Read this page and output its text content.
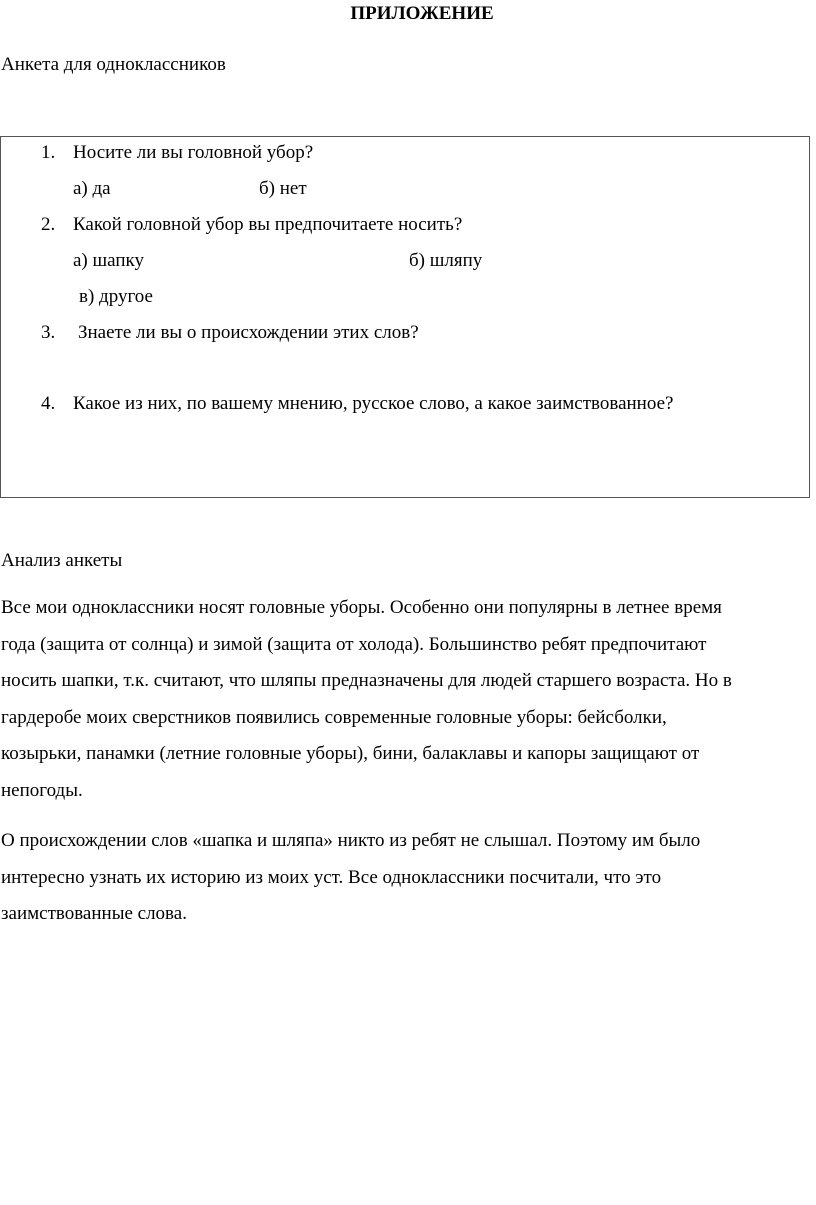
ПРИЛОЖЕНИЕ
Анкета для одноклассников
1. Носите ли вы головной убор?
а) да	б) нет
2. Какой головной убор вы предпочитаете носить?
а) шапку	б) шляпу
в) другое
3. Знаете ли вы о происхождении этих слов?
4. Какое из них, по вашему мнению, русское слово, а какое заимствованное?
Анализ анкеты
Все мои одноклассники носят головные уборы. Особенно они популярны в летнее время
года (защита от солнца) и зимой (защита от холода). Большинство ребят предпочитают
носить шапки, т.к. считают, что шляпы предназначены для людей старшего возраста. Но в
гардеробе моих сверстников появились современные головные уборы: бейсболки,
козырьки, панамки (летние головные уборы), бини, балаклавы и капоры защищают от
непогоды.
О происхождении слов «шапка и шляпа» никто из ребят не слышал. Поэтому им было
интересно узнать их историю из моих уст. Все одноклассники посчитали, что это
заимствованные слова.
